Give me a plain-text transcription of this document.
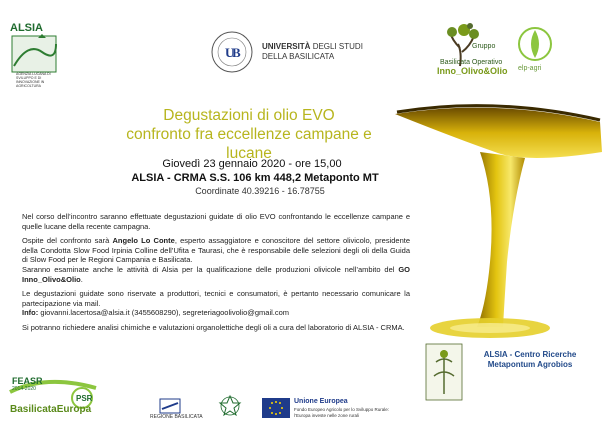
ALSIA
AGENZIA LUCANA DI SVILUPPO E DI INNOVAZIONE IN AGRICOLTURA
U
B	UNIVERSITÀ DEGLI STUDI
DELLA BASILICATA
Gruppo
Basilicata Operativo
Inno_Olivo&Olio elp-agri
Degustazioni di olio EVO
confronto fra eccellenze campane e lucane
Giovedì 23 gennaio 2020 - ore 15,00
ALSIA - CRMA S.S. 106 km 448,2 Metaponto MT
Coordinate 40.39216 - 16.78755

Nel corso dell’incontro saranno effettuate degustazioni guidate di olio EVO confrontando le eccellenze campane e quelle lucane della recente campagna.

Ospite del confronto sarà Angelo Lo Conte, esperto assaggiatore e conoscitore del settore olivicolo, presidente della Condotta Slow Food Irpinia Colline dell’Ufita e Taurasi, che è responsabile delle selezioni degli oli della Guida di Slow Food per le Regioni Campania e Basilicata.
Saranno esaminate anche le attività di Alsia per la qualificazione delle produzioni olivicole nell’ambito del GO Inno_Olivo&Olio.

Le degustazioni guidate sono riservate a produttori, tecnici e consumatori, è pertanto necessario comunicare la partecipazione via mail.
Info: giovanni.lacertosa@alsia.it (3455608290), segreteriagoolivolio@gmail.com

Si potranno richiedere analisi chimiche e valutazioni organolettiche degli oli a cura del laboratorio di ALSIA - CRMA.

ALSIA - Centro Ricerche
Metapontum Agrobios
FEASR
2014-2020
PSR
BasilicataEuropa
REGIONE BASILICATA
Unione Europea
Fondo Europeo Agricolo per lo Sviluppo Rurale: l’Europa investe nelle zone rurali
